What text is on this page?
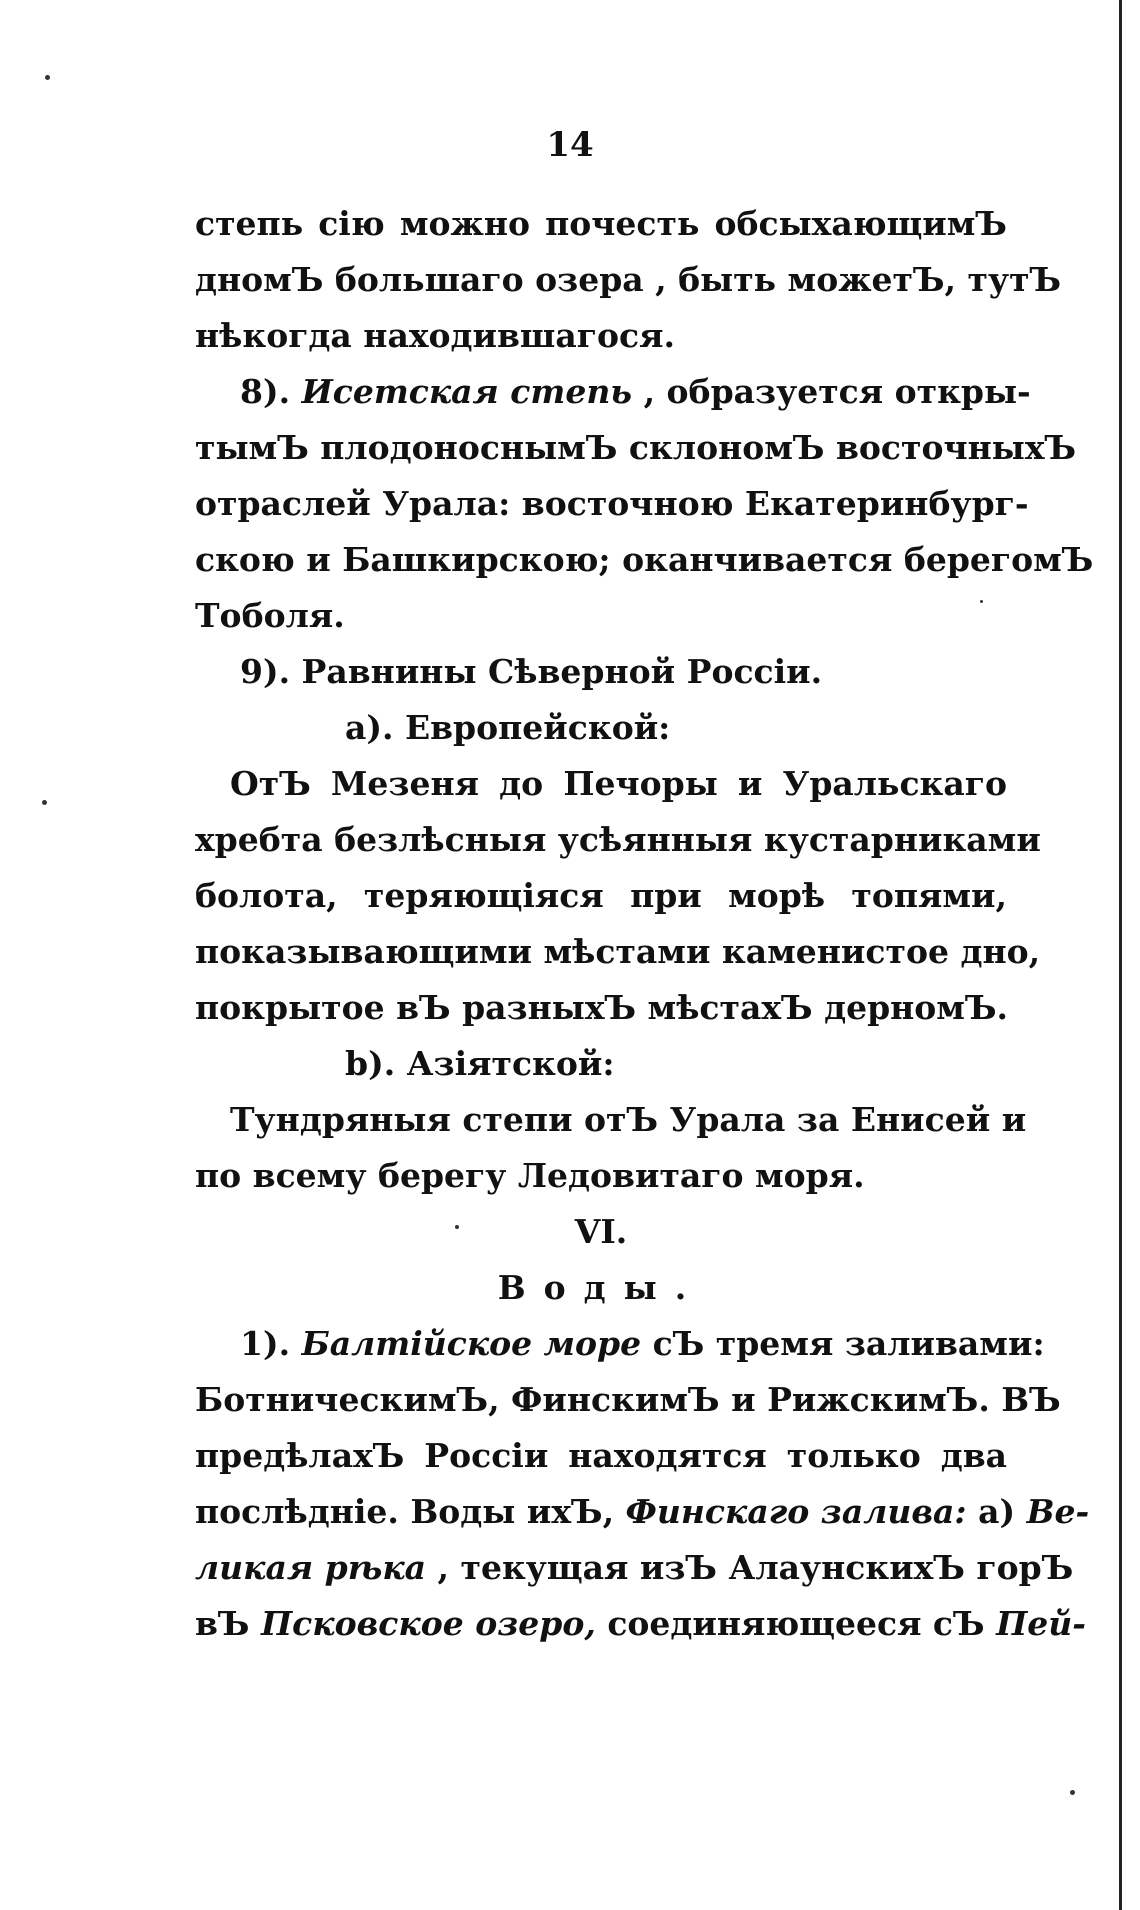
14
степь сію можно почесть обсыхающимЪ
дномЪ большаго озера , быть можетЪ, тутЪ
нѣкогда находившагося.
8). Исетская степь , образуется откры-
тымЪ плодоноснымЪ склономЪ восточныхЪ
отраслей Урала: восточною Екатеринбург-
скою и Башкирскою; оканчивается берегомЪ
Тоболя.
9). Равнины Сѣверной Россіи.
a). Европейской:
ОтЪ Мезеня до Печоры и Уральскаго
хребта безлѣсныя усѣянныя кустарниками
болота, теряющіяся при морѣ топями,
показывающими мѣстами каменистое дно,
покрытое вЪ разныхЪ мѣстахЪ дерномЪ.
b). Азіятской:
Тундряныя степи отЪ Урала за Енисей и
по всему берегу Ледовитаго моря.
VI.
Воды.
1). Балтійское море сЪ тремя заливами:
БотническимЪ, ФинскимЪ и РижскимЪ. ВЪ
предѣлахЪ Россіи находятся только два
послѣдніе. Воды ихЪ, Финскаго залива: a) Ве-
ликая рѣка , текущая изЪ АлаунскихЪ горЪ
вЪ Псковское озеро, соединяющееся сЪ Пей-
